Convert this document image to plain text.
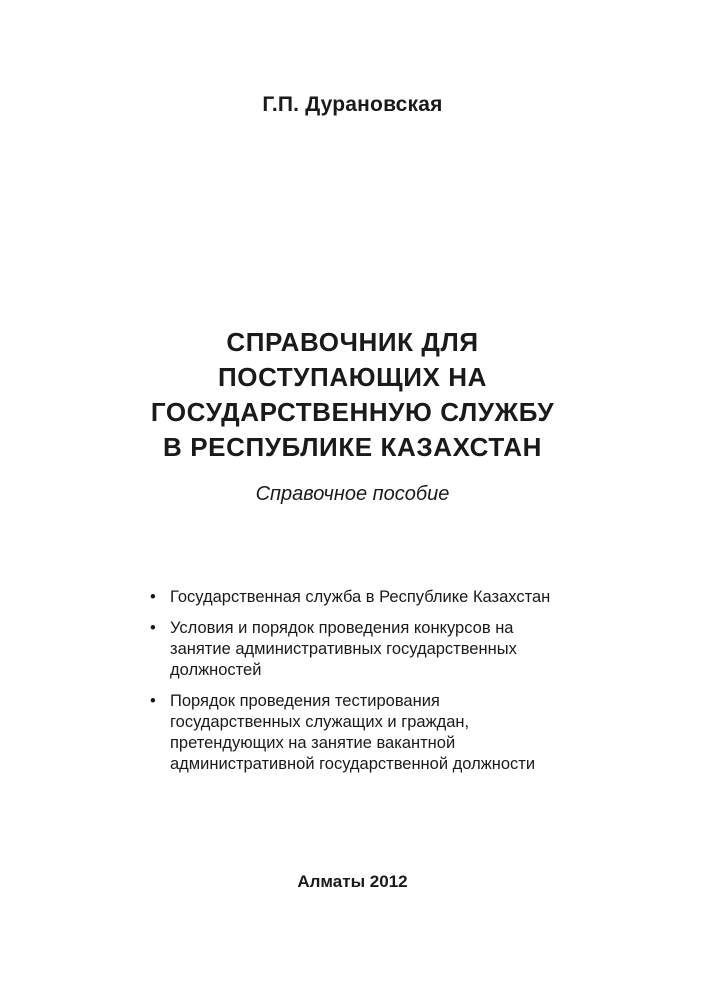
Г.П. Дурановская
СПРАВОЧНИК ДЛЯ
ПОСТУПАЮЩИХ НА
ГОСУДАРСТВЕННУЮ СЛУЖБУ
В РЕСПУБЛИКЕ КАЗАХСТАН
Справочное пособие
• Государственная служба в Республике Казахстан
• Условия и порядок проведения конкурсов на
занятие административных государственных
должностей
• Порядок проведения тестирования
государственных служащих и граждан,
претендующих на занятие вакантной
административной государственной должности
Алматы 2012
